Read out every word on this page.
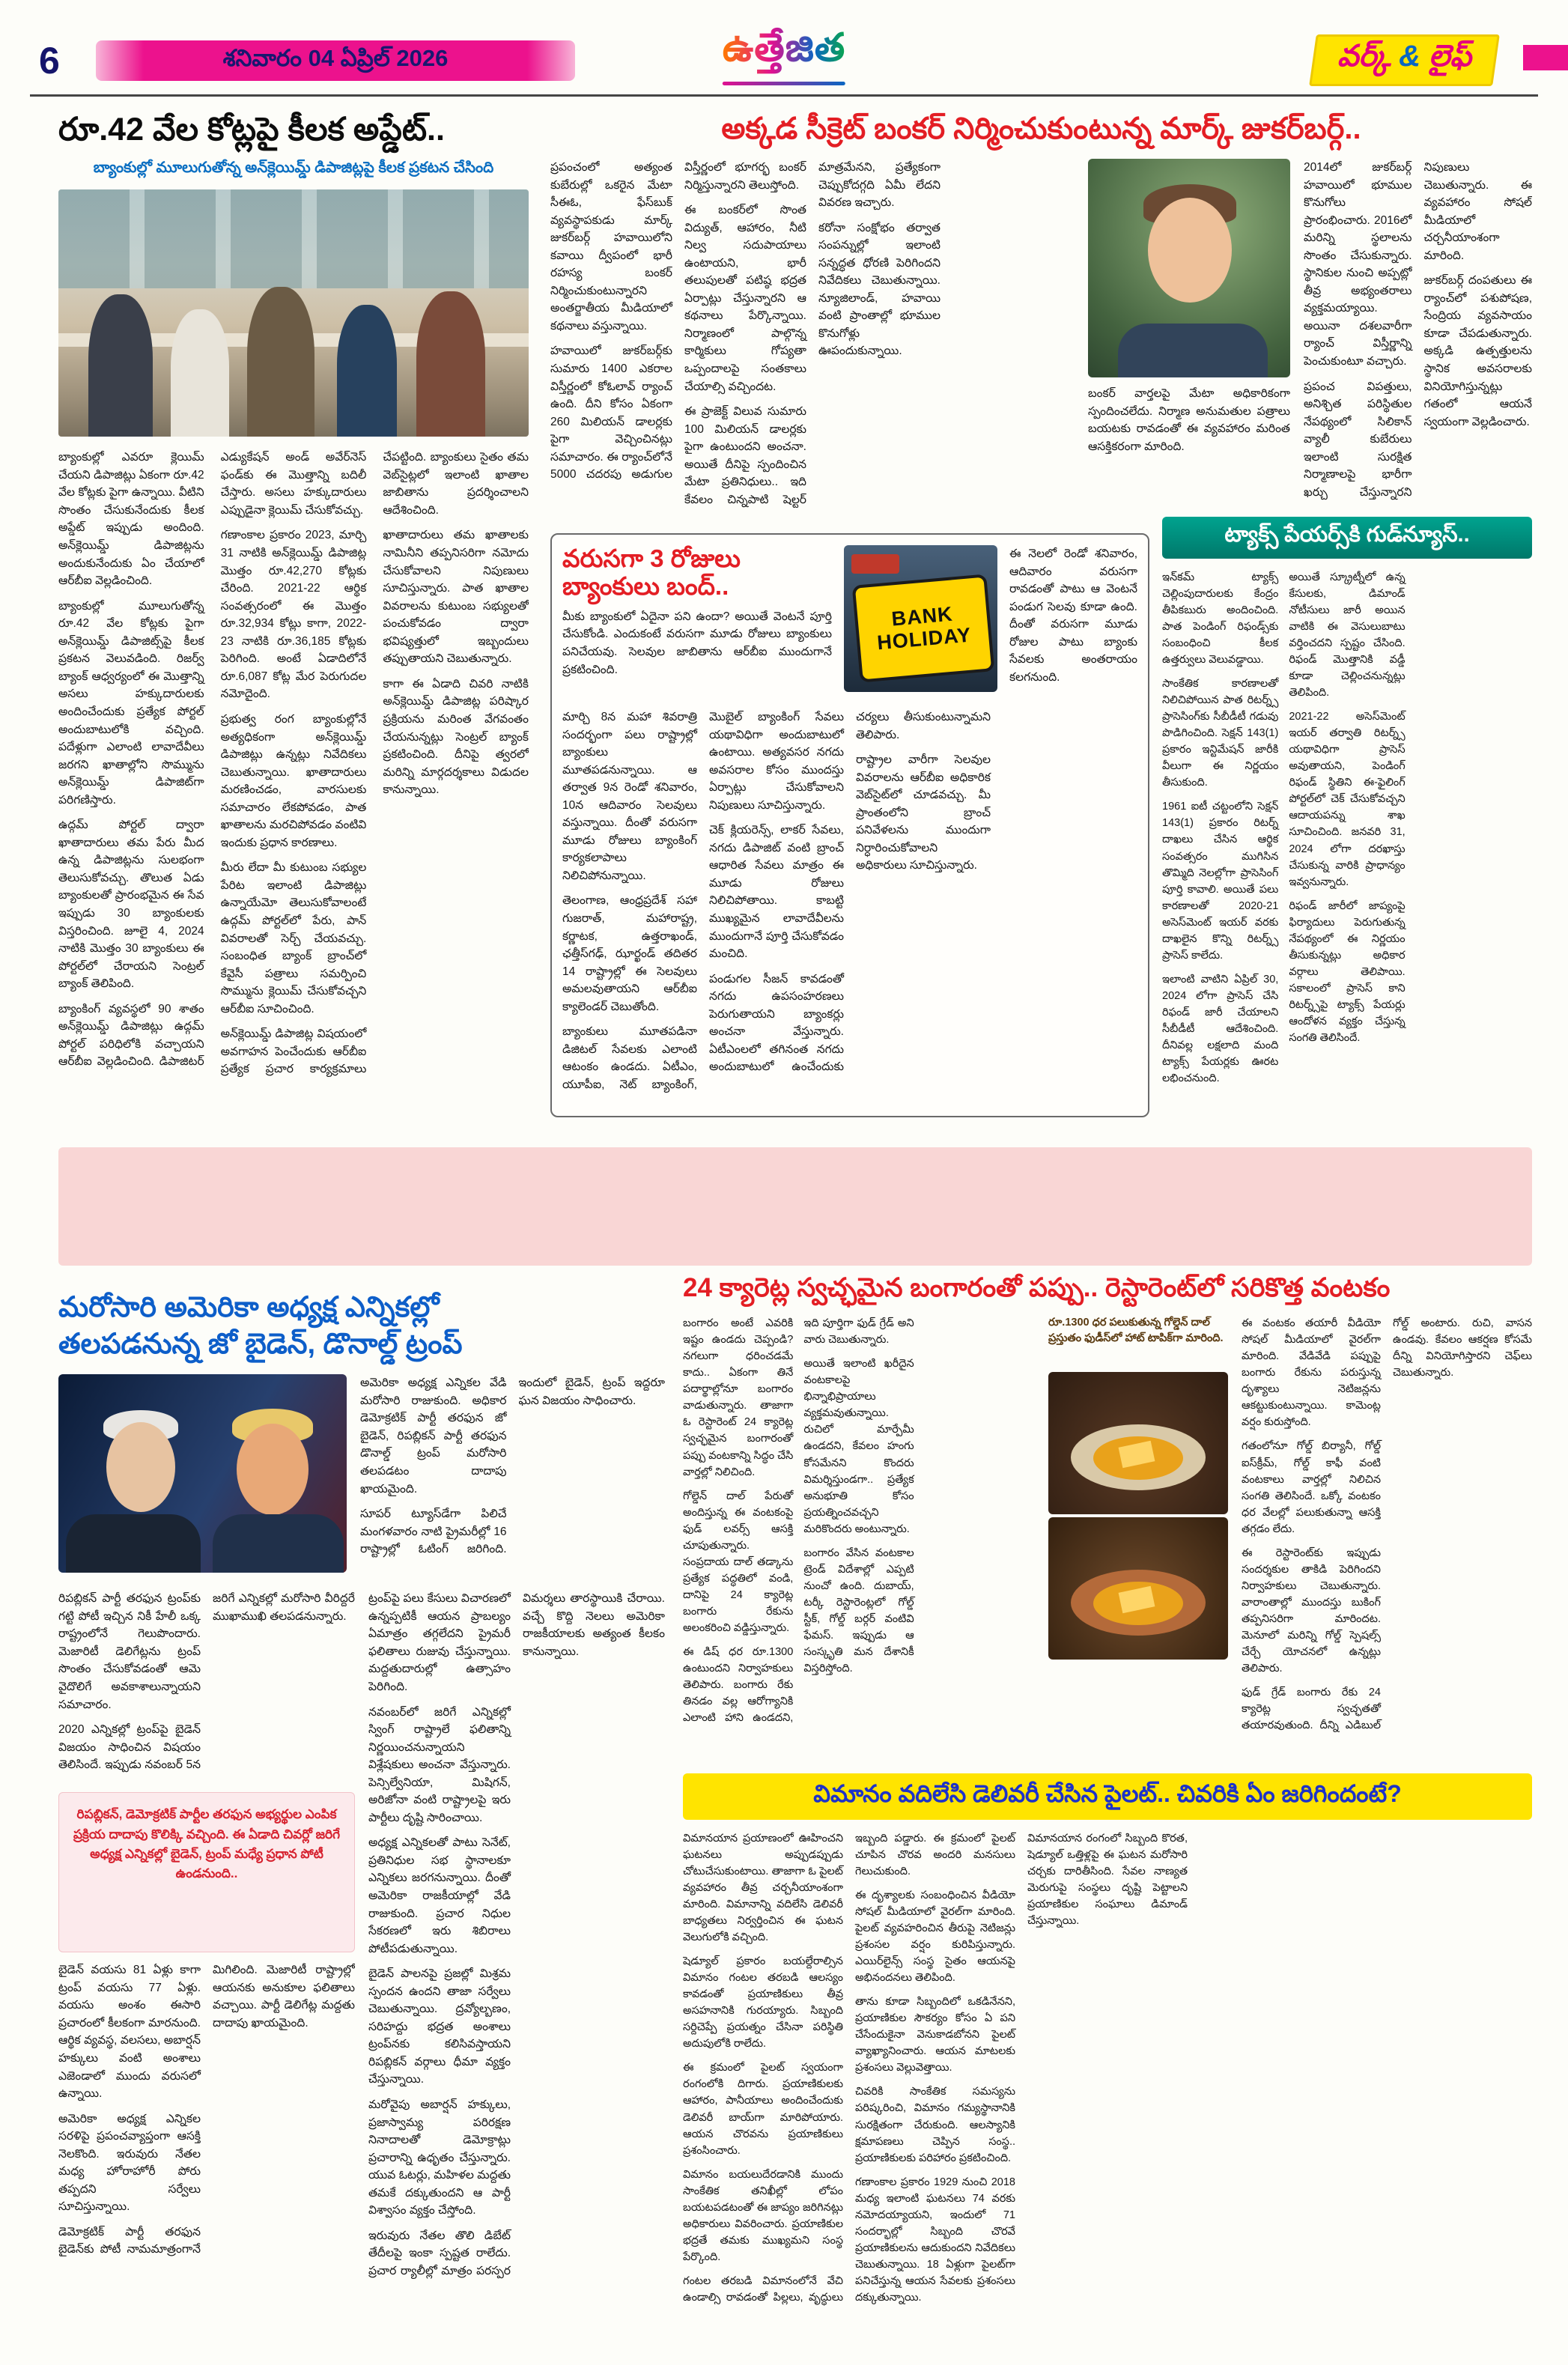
6	శనివారం 04 ఏప్రిల్ 2026	ఉత్తేజిత	వర్క్ & లైఫ్
రూ.42 వేల కోట్లపై కీలక అప్డేట్..
బ్యాంకుల్లో మూలుగుతోన్న అన్‌క్లెయిమ్డ్ డిపాజిట్లపై కీలక ప్రకటన చేసింది

బ్యాంకుల్లో ఎవరూ క్లెయిమ్ చేయని డిపాజిట్లు ఏకంగా రూ.42 వేల కోట్లకు పైగా ఉన్నాయి. వీటిని సొంతం చేసుకునేందుకు కీలక అప్డేట్ ఇప్పుడు అందింది. అన్‌క్లెయిమ్డ్ డిపాజిట్లను అందుకునేందుకు ఏం చేయాలో ఆర్‌బీఐ వెల్లడించింది.

బ్యాంకుల్లో మూలుగుతోన్న రూ.42 వేల కోట్లకు పైగా అన్‌క్లెయిమ్డ్ డిపాజిట్స్‌పై కీలక ప్రకటన వెలువడింది. రిజర్వ్ బ్యాంక్ ఆధ్వర్యంలో ఈ మొత్తాన్ని అసలు హక్కుదారులకు అందించేందుకు ప్రత్యేక పోర్టల్ అందుబాటులోకి వచ్చింది. పదేళ్లుగా ఎలాంటి లావాదేవీలు జరగని ఖాతాల్లోని సొమ్మును అన్‌క్లెయిమ్డ్ డిపాజిట్‌గా పరిగణిస్తారు.

ఉద్గమ్ పోర్టల్ ద్వారా ఖాతాదారులు తమ పేరు మీద ఉన్న డిపాజిట్లను సులభంగా తెలుసుకోవచ్చు. తొలుత ఏడు బ్యాంకులతో ప్రారంభమైన ఈ సేవ ఇప్పుడు 30 బ్యాంకులకు విస్తరించింది. జూలై 4, 2024 నాటికి మొత్తం 30 బ్యాంకులు ఈ పోర్టల్‌లో చేరాయని సెంట్రల్ బ్యాంక్ తెలిపింది.

బ్యాంకింగ్ వ్యవస్థలో 90 శాతం అన్‌క్లెయిమ్డ్ డిపాజిట్లు ఉద్గమ్ పోర్టల్ పరిధిలోకి వచ్చాయని ఆర్‌బీఐ వెల్లడించింది. డిపాజిటర్ ఎడ్యుకేషన్ అండ్ అవేర్‌నెస్ ఫండ్‌కు ఈ మొత్తాన్ని బదిలీ చేస్తారు. అసలు హక్కుదారులు ఎప్పుడైనా క్లెయిమ్ చేసుకోవచ్చు.

గణాంకాల ప్రకారం 2023, మార్చి 31 నాటికి అన్‌క్లెయిమ్డ్ డిపాజిట్ల మొత్తం రూ.42,270 కోట్లకు చేరింది. 2021-22 ఆర్థిక సంవత్సరంలో ఈ మొత్తం రూ.32,934 కోట్లు కాగా, 2022-23 నాటికి రూ.36,185 కోట్లకు పెరిగింది. అంటే ఏడాదిలోనే రూ.6,087 కోట్ల మేర పెరుగుదల నమోదైంది.

ప్రభుత్వ రంగ బ్యాంకుల్లోనే అత్యధికంగా అన్‌క్లెయిమ్డ్ డిపాజిట్లు ఉన్నట్లు నివేదికలు చెబుతున్నాయి. ఖాతాదారులు మరణించడం, వారసులకు సమాచారం లేకపోవడం, పాత ఖాతాలను మరచిపోవడం వంటివి ఇందుకు ప్రధాన కారణాలు.

మీరు లేదా మీ కుటుంబ సభ్యుల పేరిట ఇలాంటి డిపాజిట్లు ఉన్నాయేమో తెలుసుకోవాలంటే ఉద్గమ్ పోర్టల్‌లో పేరు, పాన్ వివరాలతో సెర్చ్ చేయవచ్చు. సంబంధిత బ్యాంక్ బ్రాంచ్‌లో కేవైసీ పత్రాలు సమర్పించి సొమ్మును క్లెయిమ్ చేసుకోవచ్చని ఆర్‌బీఐ సూచించింది.

అన్‌క్లెయిమ్డ్ డిపాజిట్ల విషయంలో అవగాహన పెంచేందుకు ఆర్‌బీఐ ప్రత్యేక ప్రచార కార్యక్రమాలు చేపట్టింది. బ్యాంకులు సైతం తమ వెబ్‌సైట్లలో ఇలాంటి ఖాతాల జాబితాను ప్రదర్శించాలని ఆదేశించింది.

ఖాతాదారులు తమ ఖాతాలకు నామినీని తప్పనిసరిగా నమోదు చేసుకోవాలని నిపుణులు సూచిస్తున్నారు. పాత ఖాతాల వివరాలను కుటుంబ సభ్యులతో పంచుకోవడం ద్వారా భవిష్యత్తులో ఇబ్బందులు తప్పుతాయని చెబుతున్నారు.

కాగా ఈ ఏడాది చివరి నాటికి అన్‌క్లెయిమ్డ్ డిపాజిట్ల పరిష్కార ప్రక్రియను మరింత వేగవంతం చేయనున్నట్లు సెంట్రల్ బ్యాంక్ ప్రకటించింది. దీనిపై త్వరలో మరిన్ని మార్గదర్శకాలు విడుదల కానున్నాయి.

అక్కడ సీక్రెట్ బంకర్ నిర్మించుకుంటున్న మార్క్ జుకర్‌బర్గ్..

ప్రపంచంలో అత్యంత కుబేరుల్లో ఒకరైన మేటా సీఈఓ, ఫేస్‌బుక్ వ్యవస్థాపకుడు మార్క్ జుకర్‌బర్గ్ హవాయిలోని కవాయి ద్వీపంలో భారీ రహస్య బంకర్ నిర్మించుకుంటున్నారని అంతర్జాతీయ మీడియాలో కథనాలు వస్తున్నాయి.

హవాయిలో జుకర్‌బర్గ్‌కు సుమారు 1400 ఎకరాల విస్తీర్ణంలో కోఓలావ్ ర్యాంచ్ ఉంది. దీని కోసం ఏకంగా 260 మిలియన్ డాలర్లకు పైగా వెచ్చించినట్లు సమాచారం. ఈ ర్యాంచ్‌లోనే 5000 చదరపు అడుగుల విస్తీర్ణంలో భూగర్భ బంకర్ నిర్మిస్తున్నారని తెలుస్తోంది.

ఈ బంకర్‌లో సొంత విద్యుత్, ఆహారం, నీటి నిల్వ సదుపాయాలు ఉంటాయని, భారీ తలుపులతో పటిష్ఠ భద్రత ఏర్పాట్లు చేస్తున్నారని ఆ కథనాలు పేర్కొన్నాయి. నిర్మాణంలో పాల్గొన్న కార్మికులు గోప్యతా ఒప్పందాలపై సంతకాలు చేయాల్సి వచ్చిందట.

ఈ ప్రాజెక్ట్ విలువ సుమారు 100 మిలియన్ డాలర్లకు పైగా ఉంటుందని అంచనా. అయితే దీనిపై స్పందించిన మేటా ప్రతినిధులు.. ఇది కేవలం చిన్నపాటి షెల్టర్ మాత్రమేనని, ప్రత్యేకంగా చెప్పుకోదగ్గది ఏమీ లేదని వివరణ ఇచ్చారు.

కరోనా సంక్షోభం తర్వాత సంపన్నుల్లో ఇలాంటి సన్నద్ధత ధోరణి పెరిగిందని నివేదికలు చెబుతున్నాయి. న్యూజిలాండ్, హవాయి వంటి ప్రాంతాల్లో భూముల కొనుగోళ్లు ఊపందుకున్నాయి.

బంకర్ వార్తలపై మేటా అధికారికంగా స్పందించలేదు. నిర్మాణ అనుమతుల పత్రాలు బయటకు రావడంతో ఈ వ్యవహారం మరింత ఆసక్తికరంగా మారింది.

2014లో జుకర్‌బర్గ్ హవాయిలో భూముల కొనుగోలు ప్రారంభించారు. 2016లో మరిన్ని స్థలాలను సొంతం చేసుకున్నారు. స్థానికుల నుంచి అప్పట్లో తీవ్ర అభ్యంతరాలు వ్యక్తమయ్యాయి. అయినా దశలవారీగా ర్యాంచ్ విస్తీర్ణాన్ని పెంచుకుంటూ వచ్చారు.

ప్రపంచ విపత్తులు, అనిశ్చిత పరిస్థితుల నేపథ్యంలో సిలికాన్ వ్యాలీ కుబేరులు ఇలాంటి సురక్షిత నిర్మాణాలపై భారీగా ఖర్చు చేస్తున్నారని నిపుణులు చెబుతున్నారు. ఈ వ్యవహారం సోషల్ మీడియాలో చర్చనీయాంశంగా మారింది.

జుకర్‌బర్గ్ దంపతులు ఈ ర్యాంచ్‌లో పశుపోషణ, సేంద్రియ వ్యవసాయం కూడా చేపడుతున్నారు. అక్కడి ఉత్పత్తులను స్థానిక అవసరాలకు వినియోగిస్తున్నట్లు గతంలో ఆయనే స్వయంగా వెల్లడించారు.

వరుసగా 3 రోజులు బ్యాంకులు బంద్..
మీకు బ్యాంకులో ఏదైనా పని ఉందా? అయితే వెంటనే పూర్తి చేసుకోండి. ఎందుకంటే వరుసగా మూడు రోజులు బ్యాంకులు పనిచేయవు. సెలవుల జాబితాను ఆర్‌బీఐ ముందుగానే ప్రకటించింది.
BANK
HOLIDAY
ఈ నెలలో రెండో శనివారం, ఆదివారం వరుసగా రావడంతో పాటు ఆ వెంటనే పండుగ సెలవు కూడా ఉంది. దీంతో వరుసగా మూడు రోజుల పాటు బ్యాంకు సేవలకు అంతరాయం కలగనుంది.

మార్చి 8న మహా శివరాత్రి సందర్భంగా పలు రాష్ట్రాల్లో బ్యాంకులు మూతపడనున్నాయి. ఆ తర్వాత 9న రెండో శనివారం, 10న ఆదివారం సెలవులు వస్తున్నాయి. దీంతో వరుసగా మూడు రోజులు బ్యాంకింగ్ కార్యకలాపాలు నిలిచిపోనున్నాయి.

తెలంగాణ, ఆంధ్రప్రదేశ్ సహా గుజరాత్, మహారాష్ట్ర, కర్ణాటక, ఉత్తరాఖండ్, ఛత్తీస్‌గఢ్, ఝార్ఖండ్ తదితర 14 రాష్ట్రాల్లో ఈ సెలవులు అమలవుతాయని ఆర్‌బీఐ క్యాలెండర్ చెబుతోంది.

బ్యాంకులు మూతపడినా డిజిటల్ సేవలకు ఎలాంటి ఆటంకం ఉండదు. ఏటీఎం, యూపీఐ, నెట్ బ్యాంకింగ్, మొబైల్ బ్యాంకింగ్ సేవలు యథావిధిగా అందుబాటులో ఉంటాయి. అత్యవసర నగదు అవసరాల కోసం ముందస్తు ఏర్పాట్లు చేసుకోవాలని నిపుణులు సూచిస్తున్నారు.

చెక్ క్లియరెన్స్, లాకర్ సేవలు, నగదు డిపాజిట్ వంటి బ్రాంచ్ ఆధారిత సేవలు మాత్రం ఈ మూడు రోజులు నిలిచిపోతాయి. కాబట్టి ముఖ్యమైన లావాదేవీలను ముందుగానే పూర్తి చేసుకోవడం మంచిది.

పండుగల సీజన్ కావడంతో నగదు ఉపసంహరణలు పెరుగుతాయని బ్యాంకర్లు అంచనా వేస్తున్నారు. ఏటీఎంలలో తగినంత నగదు అందుబాటులో ఉంచేందుకు చర్యలు తీసుకుంటున్నామని తెలిపారు.

రాష్ట్రాల వారీగా సెలవుల వివరాలను ఆర్‌బీఐ అధికారిక వెబ్‌సైట్‌లో చూడవచ్చు. మీ ప్రాంతంలోని బ్రాంచ్ పనివేళలను ముందుగా నిర్ధారించుకోవాలని అధికారులు సూచిస్తున్నారు.

ట్యాక్స్ పేయర్స్‌కి గుడ్‌న్యూస్..

ఇన్‌కమ్ ట్యాక్స్ చెల్లింపుదారులకు కేంద్రం తీపికబురు అందించింది. పాత పెండింగ్ రిఫండ్స్‌కు సంబంధించి కీలక ఉత్తర్వులు వెలువడ్డాయి.

సాంకేతిక కారణాలతో నిలిచిపోయిన పాత రిటర్న్స్ ప్రాసెసింగ్‌కు సీబీడీటీ గడువు పొడిగించింది. సెక్షన్ 143(1) ప్రకారం ఇన్టిమేషన్ జారీకి వీలుగా ఈ నిర్ణయం తీసుకుంది.

1961 ఐటీ చట్టంలోని సెక్షన్ 143(1) ప్రకారం రిటర్న్ దాఖలు చేసిన ఆర్థిక సంవత్సరం ముగిసిన తొమ్మిది నెలల్లోగా ప్రాసెసింగ్ పూర్తి కావాలి. అయితే పలు కారణాలతో 2020-21 అసెస్‌మెంట్ ఇయర్ వరకు దాఖలైన కొన్ని రిటర్న్స్ ప్రాసెస్ కాలేదు.

ఇలాంటి వాటిని ఏప్రిల్ 30, 2024 లోగా ప్రాసెస్ చేసి రిఫండ్ జారీ చేయాలని సీబీడీటీ ఆదేశించింది. దీనివల్ల లక్షలాది మంది ట్యాక్స్ పేయర్లకు ఊరట లభించనుంది.

అయితే స్క్రూట్నీలో ఉన్న కేసులకు, డిమాండ్ నోటీసులు జారీ అయిన వాటికి ఈ వెసులుబాటు వర్తించదని స్పష్టం చేసింది. రిఫండ్ మొత్తానికి వడ్డీ కూడా చెల్లించనున్నట్లు తెలిపింది.

2021-22 అసెస్‌మెంట్ ఇయర్ తర్వాతి రిటర్న్స్ యథావిధిగా ప్రాసెస్ అవుతాయని, పెండింగ్ రిఫండ్ స్థితిని ఈ-ఫైలింగ్ పోర్టల్‌లో చెక్ చేసుకోవచ్చని ఆదాయపన్ను శాఖ సూచించింది. జనవరి 31, 2024 లోగా దరఖాస్తు చేసుకున్న వారికి ప్రాధాన్యం ఇవ్వనున్నారు.

రిఫండ్ జారీలో జాప్యంపై ఫిర్యాదులు పెరుగుతున్న నేపథ్యంలో ఈ నిర్ణయం తీసుకున్నట్లు అధికార వర్గాలు తెలిపాయి. సకాలంలో ప్రాసెస్ కాని రిటర్న్స్‌పై ట్యాక్స్ పేయర్లు ఆందోళన వ్యక్తం చేస్తున్న సంగతి తెలిసిందే.

మరోసారి అమెరికా అధ్యక్ష ఎన్నికల్లో
తలపడనున్న జో బైడెన్, డొనాల్డ్ ట్రంప్

అమెరికా అధ్యక్ష ఎన్నికల వేడి మరోసారి రాజుకుంది. అధికార డెమోక్రటిక్ పార్టీ తరఫున జో బైడెన్, రిపబ్లికన్ పార్టీ తరఫున డొనాల్డ్ ట్రంప్ మరోసారి తలపడటం దాదాపు ఖాయమైంది.

సూపర్ ట్యూస్‌డేగా పిలిచే మంగళవారం నాటి ప్రైమరీల్లో 16 రాష్ట్రాల్లో ఓటింగ్ జరిగింది. ఇందులో బైడెన్, ట్రంప్ ఇద్దరూ ఘన విజయం సాధించారు.

రిపబ్లికన్ పార్టీ తరఫున ట్రంప్‌కు గట్టి పోటీ ఇచ్చిన నికీ హేలీ ఒక్క రాష్ట్రంలోనే గెలుపొందారు. మెజారిటీ డెలిగేట్లను ట్రంప్ సొంతం చేసుకోవడంతో ఆమె వైదొలిగే అవకాశాలున్నాయని సమాచారం.

2020 ఎన్నికల్లో ట్రంప్‌పై బైడెన్ విజయం సాధించిన విషయం తెలిసిందే. ఇప్పుడు నవంబర్ 5న జరిగే ఎన్నికల్లో మరోసారి వీరిద్దరే ముఖాముఖి తలపడనున్నారు.

రిపబ్లికన్, డెమోక్రటిక్ పార్టీల తరఫున అభ్యర్థుల ఎంపిక ప్రక్రియ దాదాపు కొలిక్కి వచ్చింది. ఈ ఏడాది చివర్లో జరిగే అధ్యక్ష ఎన్నికల్లో బైడెన్, ట్రంప్ మధ్యే ప్రధాన పోటీ ఉండనుంది..

బైడెన్ వయసు 81 ఏళ్లు కాగా ట్రంప్ వయసు 77 ఏళ్లు. వయసు అంశం ఈసారి ప్రచారంలో కీలకంగా మారనుంది. ఆర్థిక వ్యవస్థ, వలసలు, అబార్షన్ హక్కులు వంటి అంశాలు ఎజెండాలో ముందు వరుసలో ఉన్నాయి.

అమెరికా అధ్యక్ష ఎన్నికల సరళిపై ప్రపంచవ్యాప్తంగా ఆసక్తి నెలకొంది. ఇరువురు నేతల మధ్య హోరాహోరీ పోరు తప్పదని సర్వేలు సూచిస్తున్నాయి.

డెమోక్రటిక్ పార్టీ తరఫున బైడెన్‌కు పోటీ నామమాత్రంగానే మిగిలింది. మెజారిటీ రాష్ట్రాల్లో ఆయనకు అనుకూల ఫలితాలు వచ్చాయి. పార్టీ డెలిగేట్ల మద్దతు దాదాపు ఖాయమైంది.

ట్రంప్‌పై పలు కేసులు విచారణలో ఉన్నప్పటికీ ఆయన ప్రాబల్యం ఏమాత్రం తగ్గలేదని ప్రైమరీ ఫలితాలు రుజువు చేస్తున్నాయి. మద్దతుదారుల్లో ఉత్సాహం పెరిగింది.

నవంబర్‌లో జరిగే ఎన్నికల్లో స్వింగ్ రాష్ట్రాలే ఫలితాన్ని నిర్ణయించనున్నాయని విశ్లేషకులు అంచనా వేస్తున్నారు. పెన్సిల్వేనియా, మిషిగన్, అరిజోనా వంటి రాష్ట్రాలపై ఇరు పార్టీలు దృష్టి సారించాయి.

అధ్యక్ష ఎన్నికలతో పాటు సెనేట్, ప్రతినిధుల సభ స్థానాలకూ ఎన్నికలు జరగనున్నాయి. దీంతో అమెరికా రాజకీయాల్లో వేడి రాజుకుంది. ప్రచార నిధుల సేకరణలో ఇరు శిబిరాలు పోటీపడుతున్నాయి.

బైడెన్ పాలనపై ప్రజల్లో మిశ్రమ స్పందన ఉందని తాజా సర్వేలు చెబుతున్నాయి. ద్రవ్యోల్బణం, సరిహద్దు భద్రత అంశాలు ట్రంప్‌నకు కలిసివస్తాయని రిపబ్లికన్ వర్గాలు ధీమా వ్యక్తం చేస్తున్నాయి.

మరోవైపు అబార్షన్ హక్కులు, ప్రజాస్వామ్య పరిరక్షణ నినాదాలతో డెమోక్రాట్లు ప్రచారాన్ని ఉధృతం చేస్తున్నారు. యువ ఓటర్లు, మహిళల మద్దతు తమకే దక్కుతుందని ఆ పార్టీ విశ్వాసం వ్యక్తం చేస్తోంది.

ఇరువురు నేతల తొలి డిబేట్ తేదీలపై ఇంకా స్పష్టత రాలేదు. ప్రచార ర్యాలీల్లో మాత్రం పరస్పర విమర్శలు తారస్థాయికి చేరాయి. వచ్చే కొద్ది నెలలు అమెరికా రాజకీయాలకు అత్యంత కీలకం కానున్నాయి.

24 క్యారెట్ల స్వచ్ఛమైన బంగారంతో పప్పు.. రెస్టారెంట్‌లో సరికొత్త వంటకం

బంగారం అంటే ఎవరికి ఇష్టం ఉండదు చెప్పండి? నగలుగా ధరించడమే కాదు.. ఏకంగా తినే పదార్థాల్లోనూ బంగారం వాడుతున్నారు. తాజాగా ఓ రెస్టారెంట్ 24 క్యారెట్ల స్వచ్ఛమైన బంగారంతో పప్పు వంటకాన్ని సిద్ధం చేసి వార్తల్లో నిలిచింది.

గోల్డెన్ దాల్ పేరుతో అందిస్తున్న ఈ వంటకంపై ఫుడ్ లవర్స్ ఆసక్తి చూపుతున్నారు. సంప్రదాయ దాల్ తడ్కాను ప్రత్యేక పద్ధతిలో వండి, దానిపై 24 క్యారెట్ల బంగారు రేకును అలంకరించి వడ్డిస్తున్నారు.

ఈ డిష్ ధర రూ.1300 ఉంటుందని నిర్వాహకులు తెలిపారు. బంగారు రేకు తినడం వల్ల ఆరోగ్యానికి ఎలాంటి హాని ఉండదని, ఇది పూర్తిగా ఫుడ్ గ్రేడ్ అని వారు చెబుతున్నారు.

అయితే ఇలాంటి ఖరీదైన వంటకాలపై భిన్నాభిప్రాయాలు వ్యక్తమవుతున్నాయి. రుచిలో మార్పేమీ ఉండదని, కేవలం హంగు కోసమేనని కొందరు విమర్శిస్తుండగా.. ప్రత్యేక అనుభూతి కోసం ప్రయత్నించవచ్చని మరికొందరు అంటున్నారు.

బంగారం వేసిన వంటకాల ట్రెండ్ విదేశాల్లో ఎప్పటి నుంచో ఉంది. దుబాయ్, టర్కీ రెస్టారెంట్లలో గోల్డ్ స్టీక్, గోల్డ్ బర్గర్ వంటివి ఫేమస్. ఇప్పుడు ఆ సంస్కృతి మన దేశానికీ విస్తరిస్తోంది.

రూ.1300 ధర పలుకుతున్న గోల్డెన్ దాల్ ప్రస్తుతం ఫుడీస్‌లో హాట్ టాపిక్‌గా మారింది.

ఈ వంటకం తయారీ వీడియో సోషల్ మీడియాలో వైరల్‌గా మారింది. వేడివేడి పప్పుపై బంగారు రేకును పరుస్తున్న దృశ్యాలు నెటిజన్లను ఆకట్టుకుంటున్నాయి. కామెంట్ల వర్షం కురుస్తోంది.

గతంలోనూ గోల్డ్ బిర్యానీ, గోల్డ్ ఐస్‌క్రీమ్, గోల్డ్ కాఫీ వంటి వంటకాలు వార్తల్లో నిలిచిన సంగతి తెలిసిందే. ఒక్కో వంటకం ధర వేలల్లో పలుకుతున్నా ఆసక్తి తగ్గడం లేదు.

ఈ రెస్టారెంట్‌కు ఇప్పుడు సందర్శకుల తాకిడి పెరిగిందని నిర్వాహకులు చెబుతున్నారు. వారాంతాల్లో ముందస్తు బుకింగ్ తప్పనిసరిగా మారిందట. మెనూలో మరిన్ని గోల్డ్ స్పెషల్స్ చేర్చే యోచనలో ఉన్నట్లు తెలిపారు.

ఫుడ్ గ్రేడ్ బంగారు రేకు 24 క్యారెట్ల స్వచ్ఛతతో తయారవుతుంది. దీన్ని ఎడిబుల్ గోల్డ్ అంటారు. రుచి, వాసన ఉండవు. కేవలం ఆకర్షణ కోసమే దీన్ని వినియోగిస్తారని చెఫ్‌లు చెబుతున్నారు.

విమానం వదిలేసి డెలివరీ చేసిన పైలట్.. చివరికి ఏం జరిగిందంటే?

విమానయాన ప్రయాణంలో ఊహించని ఘటనలు అప్పుడప్పుడు చోటుచేసుకుంటాయి. తాజాగా ఓ పైలట్ వ్యవహారం తీవ్ర చర్చనీయాంశంగా మారింది. విమానాన్ని వదిలేసి డెలివరీ బాధ్యతలు నిర్వర్తించిన ఈ ఘటన వెలుగులోకి వచ్చింది.

షెడ్యూల్ ప్రకారం బయల్దేరాల్సిన విమానం గంటల తరబడి ఆలస్యం కావడంతో ప్రయాణికులు తీవ్ర అసహనానికి గురయ్యారు. సిబ్బంది సర్దిచెప్పే ప్రయత్నం చేసినా పరిస్థితి అదుపులోకి రాలేదు.

ఈ క్రమంలో పైలట్ స్వయంగా రంగంలోకి దిగారు. ప్రయాణికులకు ఆహారం, పానీయాలు అందించేందుకు డెలివరీ బాయ్‌గా మారిపోయారు. ఆయన చొరవను ప్రయాణికులు ప్రశంసించారు.

విమానం బయలుదేరడానికి ముందు సాంకేతిక తనిఖీల్లో లోపం బయటపడటంతో ఈ జాప్యం జరిగినట్లు అధికారులు వివరించారు. ప్రయాణికుల భద్రతే తమకు ముఖ్యమని సంస్థ పేర్కొంది.

గంటల తరబడి విమానంలోనే వేచి ఉండాల్సి రావడంతో పిల్లలు, వృద్ధులు ఇబ్బంది పడ్డారు. ఈ క్రమంలో పైలట్ చూపిన చొరవ అందరి మనసులు గెలుచుకుంది.

ఈ దృశ్యాలకు సంబంధించిన వీడియో సోషల్ మీడియాలో వైరల్‌గా మారింది. పైలట్ వ్యవహరించిన తీరుపై నెటిజన్లు ప్రశంసల వర్షం కురిపిస్తున్నారు. ఎయిర్‌లైన్స్ సంస్థ సైతం ఆయనపై అభినందనలు తెలిపింది.

తాను కూడా సిబ్బందిలో ఒకడినేనని, ప్రయాణికుల సౌకర్యం కోసం ఏ పని చేసేందుకైనా వెనుకాడబోనని పైలట్ వ్యాఖ్యానించారు. ఆయన మాటలకు ప్రశంసలు వెల్లువెత్తాయి.

చివరికి సాంకేతిక సమస్యను పరిష్కరించి, విమానం గమ్యస్థానానికి సురక్షితంగా చేరుకుంది. ఆలస్యానికి క్షమాపణలు చెప్పిన సంస్థ.. ప్రయాణికులకు పరిహారం ప్రకటించింది.

గణాంకాల ప్రకారం 1929 నుంచి 2018 మధ్య ఇలాంటి ఘటనలు 74 వరకు నమోదయ్యాయని, ఇందులో 71 సందర్భాల్లో సిబ్బంది చొరవే ప్రయాణికులను ఆదుకుందని నివేదికలు చెబుతున్నాయి. 18 ఏళ్లుగా పైలట్‌గా పనిచేస్తున్న ఆయన సేవలకు ప్రశంసలు దక్కుతున్నాయి.

విమానయాన రంగంలో సిబ్బంది కొరత, షెడ్యూల్ ఒత్తిళ్లపై ఈ ఘటన మరోసారి చర్చకు దారితీసింది. సేవల నాణ్యత మెరుగుపై సంస్థలు దృష్టి పెట్టాలని ప్రయాణికుల సంఘాలు డిమాండ్ చేస్తున్నాయి.
